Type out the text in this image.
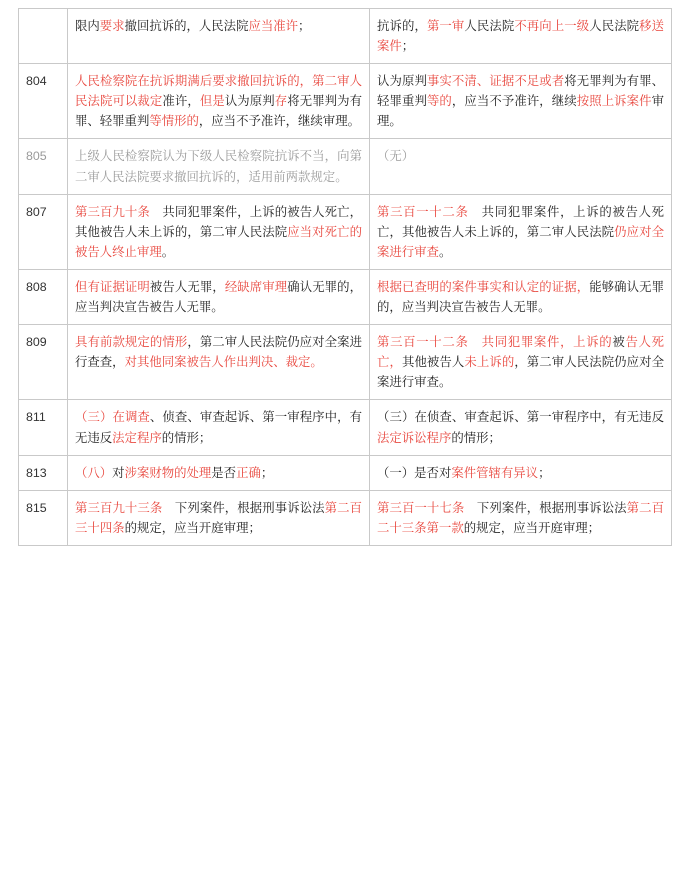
	限内要求撤回抗诉的，人民法院应当准许；	抗诉的，第一审人民法院不再向上一级人民法院移送案件；
804	人民检察院在抗诉期满后要求撤回抗诉的，第二审人民法院可以裁定准许，但是认为原判存将无罪判为有罪、轻罪重判等情形的，应当不予准许，继续审理。	认为原判事实不清、证据不足或者将无罪判为有罪、轻罪重判等的，应当不予准许，继续按照上诉案件审理。
805	上级人民检察院认为下级人民检察院抗诉不当，向第二审人民法院要求撤回抗诉的，适用前两款规定。	（无）
807	第三百九十条　共同犯罪案件，上诉的被告人死亡，其他被告人未上诉的，第二审人民法院应当对死亡的被告人终止审理。	第三百一十二条　共同犯罪案件，上诉的被告人死亡，其他被告人未上诉的，第二审人民法院仍应对全案进行审查。
808	但有证据证明被告人无罪，经缺席审理确认无罪的，应当判决宣告被告人无罪。	根据已查明的案件事实和认定的证据，能够确认无罪的，应当判决宣告被告人无罪。
809	具有前款规定的情形，第二审人民法院仍应对全案进行查查，对其他同案被告人作出判决、裁定。	第三百一十二条　共同犯罪案件，上诉的被告人死亡，其他被告人未上诉的，第二审人民法院仍应对全案进行审查。
811	（三）在调查、侦查、审查起诉、第一审程序中，有无违反法定程序的情形；	（三）在侦查、审查起诉、第一审程序中，有无违反法定诉讼程序的情形；
813	（八）对涉案财物的处理是否正确；	（一）是否对案件管辖有异议；
815	第三百九十三条　下列案件，根据刑事诉讼法第二百三十四条的规定，应当开庭审理；	第三百一十七条　下列案件，根据刑事诉讼法第二百二十三条第一款的规定，应当开庭审理；
